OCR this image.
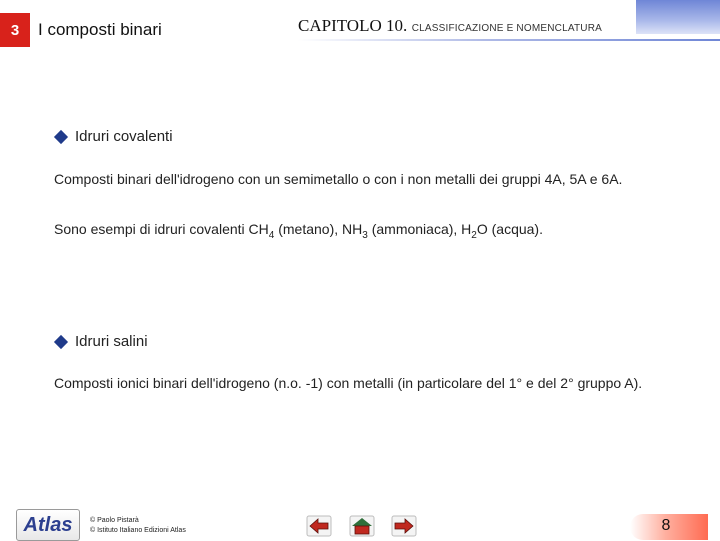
3 I composti binari	CAPITOLO 10. CLASSIFICAZIONE E NOMENCLATURA
Idruri covalenti
Composti binari dell'idrogeno con un semimetallo o con i non metalli dei gruppi 4A, 5A e 6A.
Sono esempi di idruri covalenti $CH_4$ (metano), $NH_3$ (ammoniaca), $H_2O$ (acqua).
Idruri salini
Composti ionici binari dell'idrogeno (n.o. -1) con metalli (in particolare del 1° e del 2° gruppo A).
Atlas	© Paolo Pistarà
© Istituto Italiano Edizioni Atlas	8
